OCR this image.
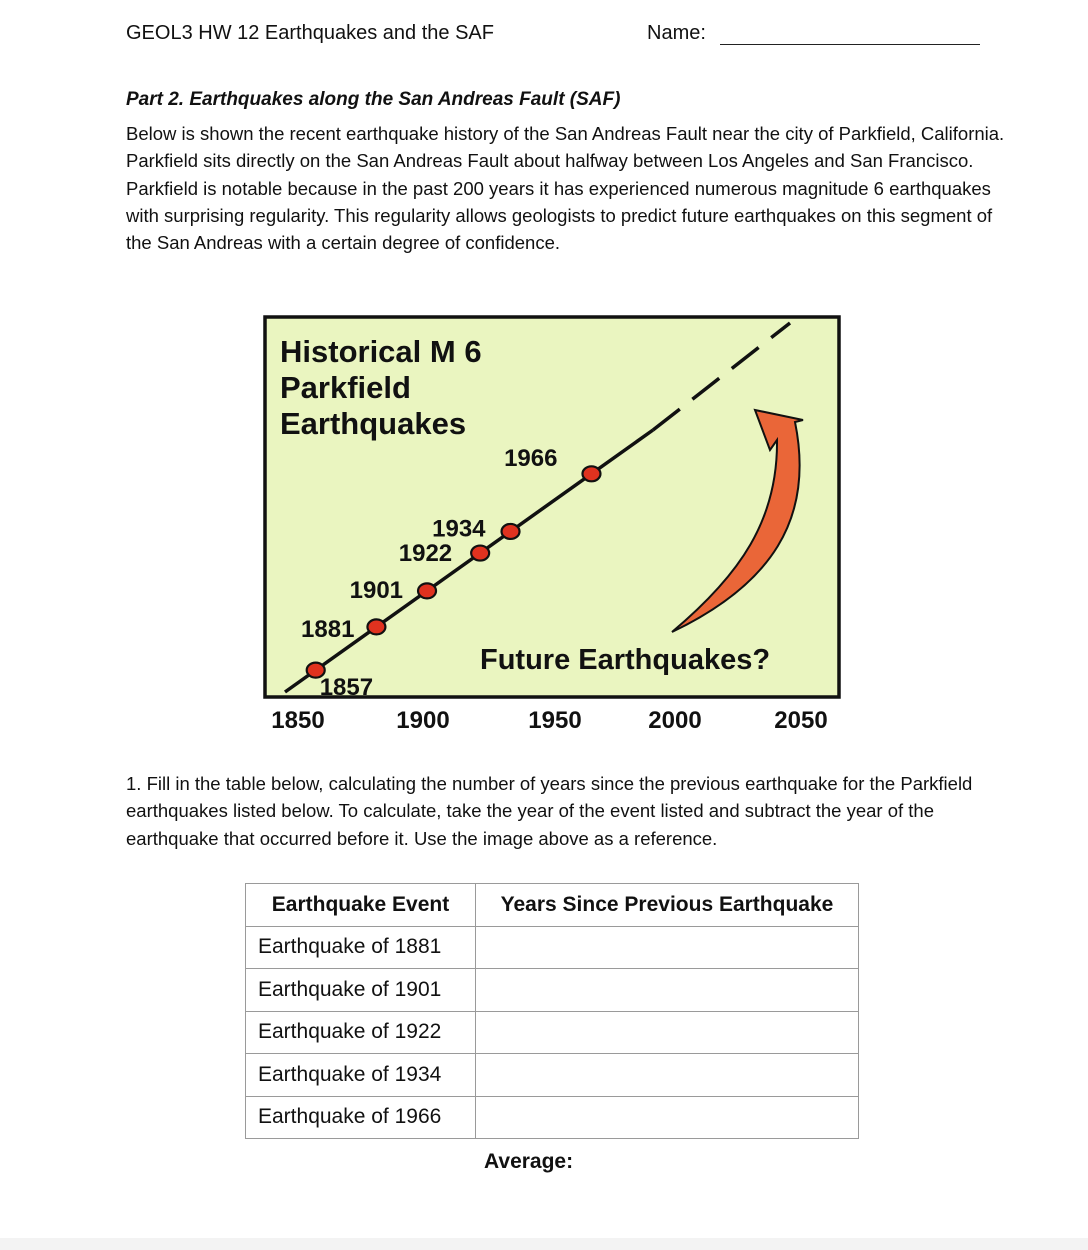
GEOL3 HW 12 Earthquakes and the SAF	Name:
Part 2. Earthquakes along the San Andreas Fault (SAF)

Below is shown the recent earthquake history of the San Andreas Fault near the city of Parkfield, California. Parkfield sits directly on the San Andreas Fault about halfway between Los Angeles and San Francisco. Parkfield is notable because in the past 200 years it has experienced numerous magnitude 6 earthquakes with surprising regularity. This regularity allows geologists to predict future earthquakes on this segment of the San Andreas with a certain degree of confidence.

Historical M 6
Parkfield
Earthquakes
Future Earthquakes?
1857
1881
1901
1922
1934
1966
1850	1900	1950	2000	2050

1. Fill in the table below, calculating the number of years since the previous earthquake for the Parkfield earthquakes listed below. To calculate, take the year of the event listed and subtract the year of the earthquake that occurred before it. Use the image above as a reference.

Earthquake Event	Years Since Previous Earthquake
Earthquake of 1881	
Earthquake of 1901	
Earthquake of 1922	
Earthquake of 1934	
Earthquake of 1966	
Average:
